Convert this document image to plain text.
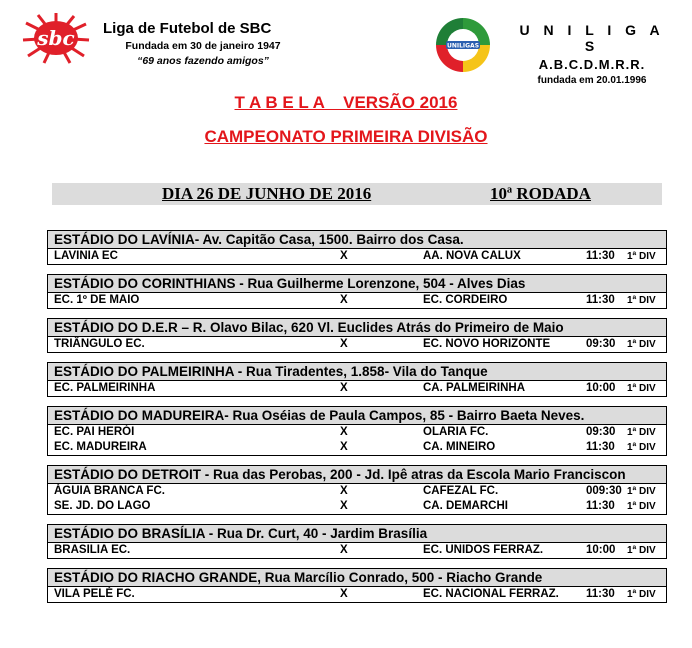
sbc Liga de Futebol de SBC
Fundada em 30 de janeiro 1947
“69 anos fazendo amigos”
UNILIGAS
U N I L I G A S
A.B.C.D.M.R.R.
fundada em 20.01.1996
T A B E L A    VERSÃO 2016
CAMPEONATO PRIMEIRA DIVISÃO
DIA 26 DE JUNHO DE 2016	10ª RODADA
ESTÁDIO DO LAVÍNIA- Av. Capitão Casa, 1500. Bairro dos Casa.
LAVINIA EC	X	AA. NOVA CALUX	11:30 1ª DIV
ESTÁDIO DO CORINTHIANS - Rua Guilherme Lorenzone, 504 - Alves Dias
EC. 1º DE MAIO	X	EC. CORDEIRO	11:30 1ª DIV
ESTÁDIO DO D.E.R – R. Olavo Bilac, 620 Vl. Euclides Atrás do Primeiro de Maio
TRIÂNGULO EC.	X	EC. NOVO HORIZONTE	09:30 1ª DIV
ESTÁDIO DO PALMEIRINHA - Rua Tiradentes, 1.858- Vila do Tanque
EC. PALMEIRINHA	X	CA. PALMEIRINHA	10:00 1ª DIV
ESTÁDIO DO MADUREIRA- Rua Oséias de Paula Campos, 85 - Bairro Baeta Neves.
EC. PAI HERÓI	X	OLARIA FC.	09:30 1ª DIV
EC. MADUREIRA	X	CA. MINEIRO	11:30 1ª DIV
ESTÁDIO DO DETROIT - Rua das Perobas, 200 - Jd. Ipê atras da Escola Mario Franciscon
ÁGUIA BRANCA FC.	X	CAFEZAL FC.	009:30 1ª DIV
SE. JD. DO LAGO	X	CA. DEMARCHI	11:30 1ª DIV
ESTÁDIO DO BRASÍLIA - Rua Dr. Curt, 40 - Jardim Brasília
BRASILIA EC.	X	EC. UNIDOS FERRAZ.	10:00 1ª DIV
ESTÁDIO DO RIACHO GRANDE, Rua Marcílio Conrado, 500 - Riacho Grande
VILA PELÉ FC.	X	EC. NACIONAL FERRAZ. 11:30 1ª DIV
